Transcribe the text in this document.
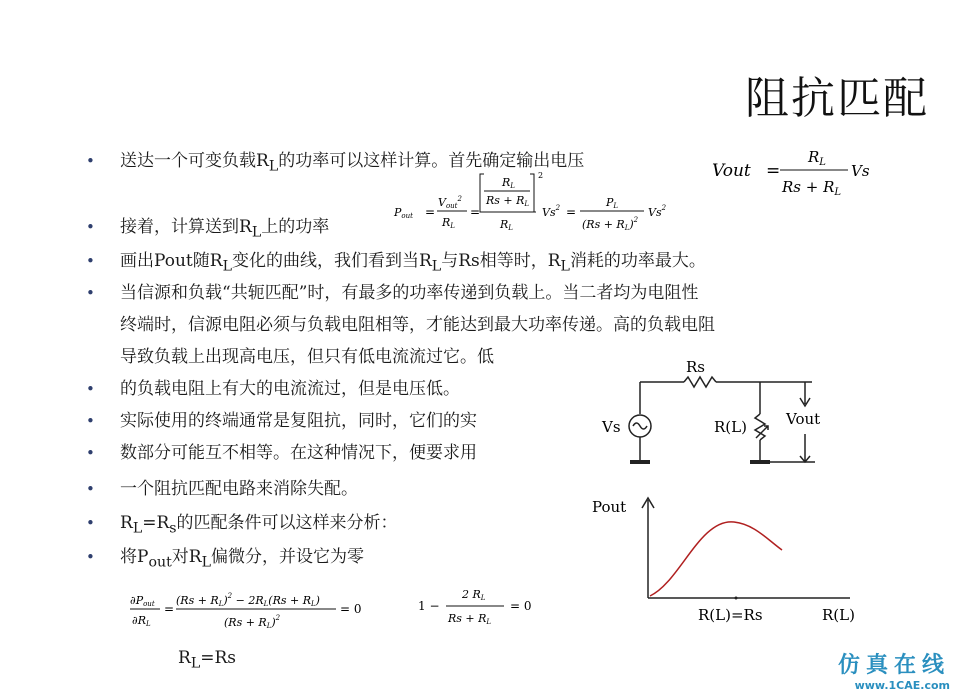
阻抗匹配
• 送达一个可变负载$R_L$的功率可以这样计算。首先确定输出电压
• 接着，计算送到$R_L$上的功率
• 画出Pout随$R_L$变化的曲线，我们看到当$R_L$与Rs相等时，$R_L$消耗的功率最大。
• 当信源和负载“共轭匹配”时，有最多的功率传递到负载上。当二者均为电阻性
终端时，信源电阻必须与负载电阻相等，才能达到最大功率传递。高的负载电阻
导致负载上出现高电压，但只有低电流流过它。低
• 的负载电阻上有大的电流流过，但是电压低。
• 实际使用的终端通常是复阻抗，同时，它们的实
• 数部分可能互不相等。在这种情况下，便要求用
• 一个阻抗匹配电路来消除失配。
• $R_L=R_s$的匹配条件可以这样来分析：
• 将$P_{out}$对$R_L$偏微分，并设它为零
Vout =
$R_L$
$Rs + R_L$
Vs
Pout =
Vout$^2$
RL
=
RL
Rs + RL
2
RL
$Vs^2$ =
PL
(Rs + RL)$^2$
Vs$^2$
Rs
Vs	R(L)	Vout
Pout
R(L)=Rs	R(L)
∂Pout
∂RL
=
(Rs + RL)$^2$ − 2RL(Rs + RL)
(Rs + RL)$^2$
= 0	1 −
2 RL
Rs + RL
= 0
$R_L=Rs$	仿真在线
www.1CAE.com
